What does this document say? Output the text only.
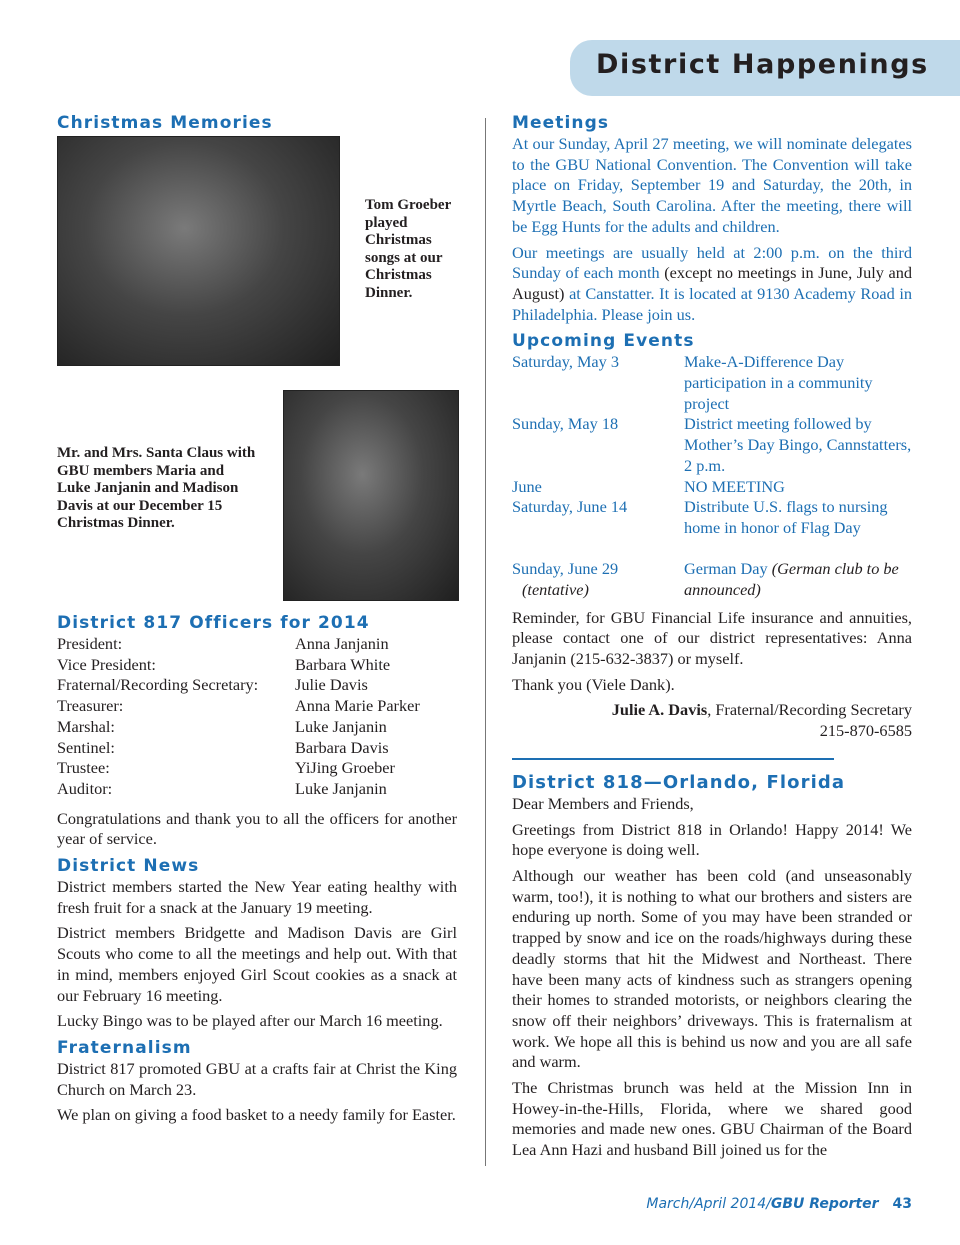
District Happenings
Christmas Memories
Tom Groeber played Christmas songs at our Christmas Dinner.
Mr. and Mrs. Santa Claus with GBU members Maria and Luke Janjanin and Madison Davis at our December 15 Christmas Dinner.
District 817 Officers for 2014
President:	Anna Janjanin
Vice President:	Barbara White
Fraternal/Recording Secretary:	Julie Davis
Treasurer:	Anna Marie Parker
Marshal:	Luke Janjanin
Sentinel:	Barbara Davis
Trustee:	YiJing Groeber
Auditor:	Luke Janjanin

Congratulations and thank you to all the officers for another year of service.

District News

District members started the New Year eating healthy with fresh fruit for a snack at the January 19 meeting.

District members Bridgette and Madison Davis are Girl Scouts who come to all the meetings and help out. With that in mind, members enjoyed Girl Scout cookies as a snack at our February 16 meeting.

Lucky Bingo was to be played after our March 16 meeting.

Fraternalism

District 817 promoted GBU at a crafts fair at Christ the King Church on March 23.

We plan on giving a food basket to a needy family for Easter.

Meetings

At our Sunday, April 27 meeting, we will nominate delegates to the GBU National Convention. The Convention will take place on Friday, September 19 and Saturday, the 20th, in Myrtle Beach, South Carolina. After the meeting, there will be Egg Hunts for the adults and children.

Our meetings are usually held at 2:00 p.m. on the third Sunday of each month (except no meetings in June, July and August) at Canstatter. It is located at 9130 Academy Road in Philadelphia. Please join us.

Upcoming Events
Saturday, May 3	Make-A-Difference Day participation in a community project

Sunday, May 18	District meeting followed by Mother’s Day Bingo, Cannstatters, 2 p.m.

June	NO MEETING

Saturday, June 14	Distribute U.S. flags to nursing home in honor of Flag Day

Sunday, June 29
(tentative)	German Day (German club to be announced)

Reminder, for GBU Financial Life insurance and annuities, please contact one of our district representatives: Anna Janjanin (215-632-3837) or myself.

Thank you (Viele Dank).

Julie A. Davis, Fraternal/Recording Secretary
215-870-6585
District 818—Orlando, Florida

Dear Members and Friends,

Greetings from District 818 in Orlando! Happy 2014! We hope everyone is doing well.

Although our weather has been cold (and unseasonably warm, too!), it is nothing to what our brothers and sisters are enduring up north. Some of you may have been stranded or trapped by snow and ice on the roads/highways during these deadly storms that hit the Midwest and Northeast. There have been many acts of kindness such as strangers opening their homes to stranded motorists, or neighbors clearing the snow off their neighbors’ driveways. This is fraternalism at work. We hope all this is behind us now and you are all safe and warm.

The Christmas brunch was held at the Mission Inn in Howey-in-the-Hills, Florida, where we shared good memories and made new ones. GBU Chairman of the Board Lea Ann Hazi and husband Bill joined us for the

March/April 2014/GBU Reporter 43
